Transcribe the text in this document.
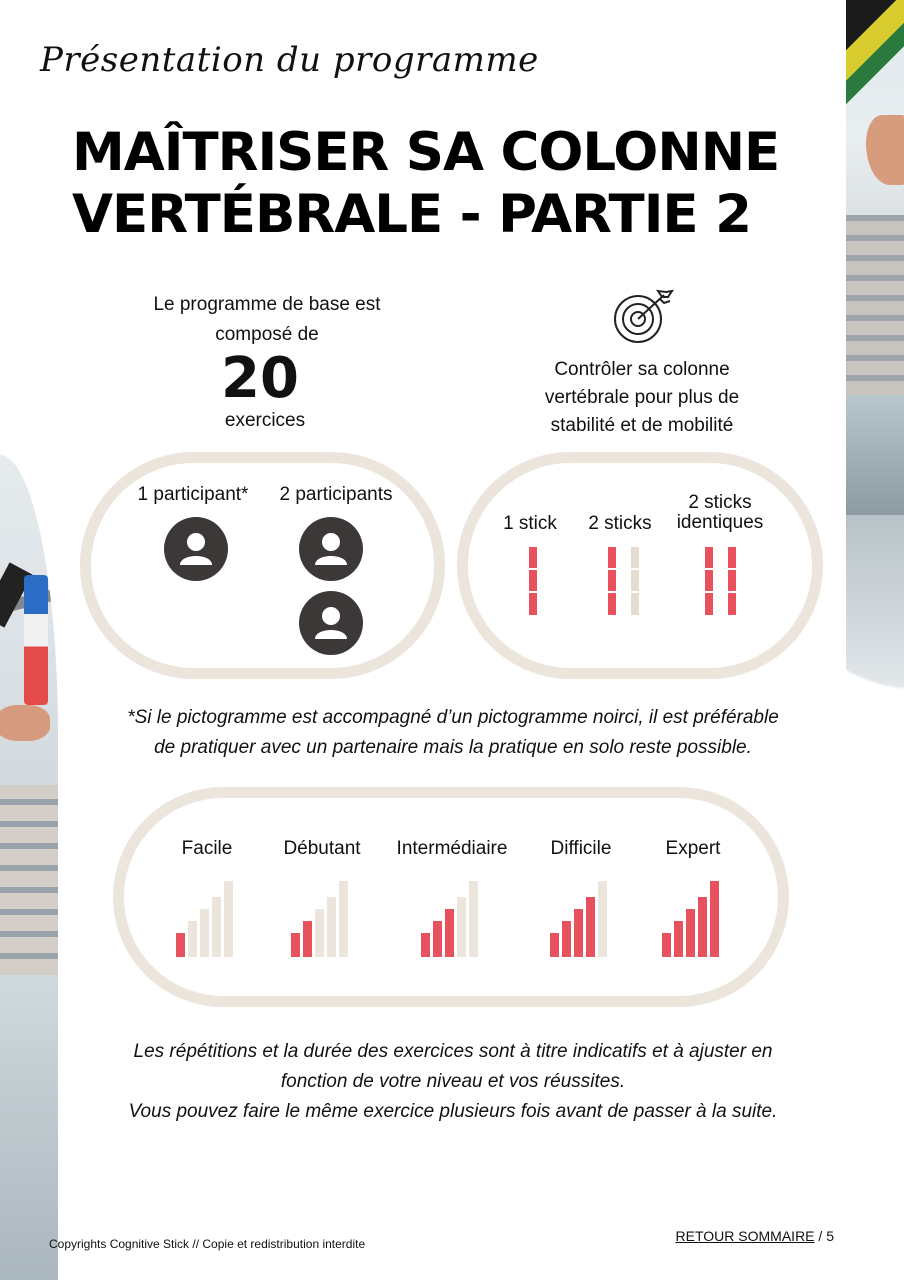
Présentation du programme
MAÎTRISER SA COLONNE
VERTÉBRALE - PARTIE 2
Le programme de base est
composé de
20
exercices
Contrôler sa colonne
vertébrale pour plus de
stabilité et de mobilité
1 participant*	2 participants
1 stick	2 sticks
2 sticks
identiques
*Si le pictogramme est accompagné d’un pictogramme noirci, il est préférable
de pratiquer avec un partenaire mais la pratique en solo reste possible.
Facile	Débutant	Intermédiaire	Difficile	Expert
Les répétitions et la durée des exercices sont à titre indicatifs et à ajuster en
fonction de votre niveau et vos réussites.
Vous pouvez faire le même exercice plusieurs fois avant de passer à la suite.
Copyrights Cognitive Stick // Copie et redistribution interdite	RETOUR SOMMAIRE / 5
